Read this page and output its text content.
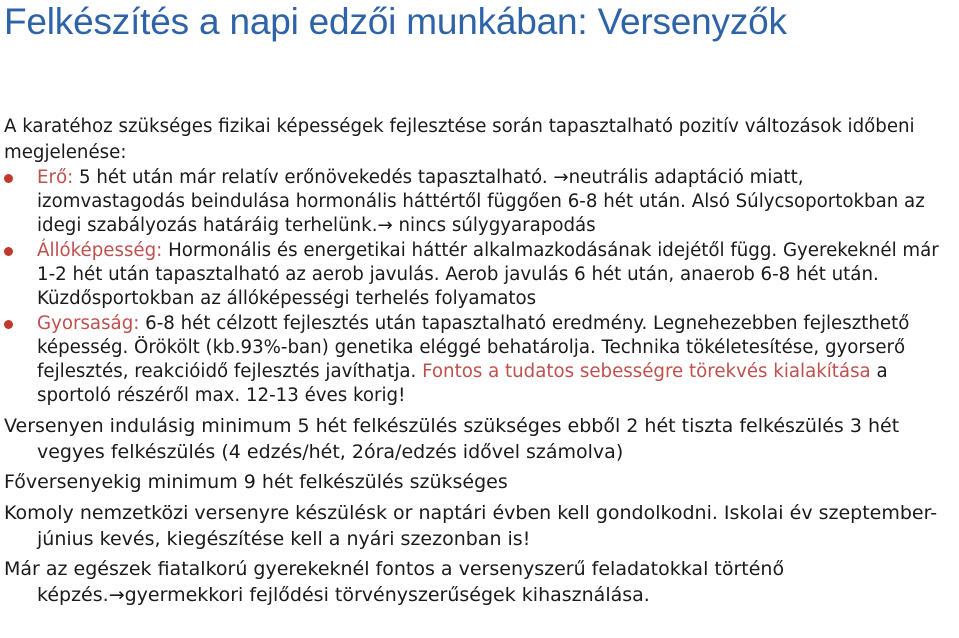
Felkészítés a napi edzői munkában: Versenyzők
A karatéhoz szükséges fizikai képességek fejlesztése során tapasztalható pozitív változások időbeni megjelenése:
Erő: 5 hét után már relatív erőnövekedés tapasztalható. →neutrális adaptáció miatt, izomvastagodás beindulása hormonális háttértől függően 6-8 hét után. Alsó Súlycsoportokban az idegi szabályozás határáig terhelünk.→ nincs súlygyarapodás
Állóképesség: Hormonális és energetikai háttér alkalmazkodásának idejétől függ. Gyerekeknél már 1-2 hét után tapasztalható az aerob javulás. Aerob javulás 6 hét után, anaerob 6-8 hét után. Küzdősportokban az állóképességi terhelés folyamatos
Gyorsaság: 6-8 hét célzott fejlesztés után tapasztalható eredmény. Legnehezebben fejleszthető képesség. Örökölt (kb.93%-ban) genetika eléggé behatárolja. Technika tökéletesítése, gyorserő fejlesztés, reakcióidő fejlesztés javíthatja. Fontos a tudatos sebességre törekvés kialakítása a sportoló részéről max. 12-13 éves korig!
Versenyen indulásig minimum 5 hét felkészülés szükséges ebből 2 hét tiszta felkészülés 3 hét vegyes felkészülés (4 edzés/hét, 2óra/edzés idővel számolva)
Főversenyekig minimum 9 hét felkészülés szükséges
Komoly nemzetközi versenyre készülésk or naptári évben kell gondolkodni. Iskolai év szeptember-június kevés, kiegészítése kell a nyári szezonban is!
Már az egészek fiatalkorú gyerekeknél fontos a versenyszerű feladatokkal történő képzés.→gyermekkori fejlődési törvényszerűségek kihasználása.
